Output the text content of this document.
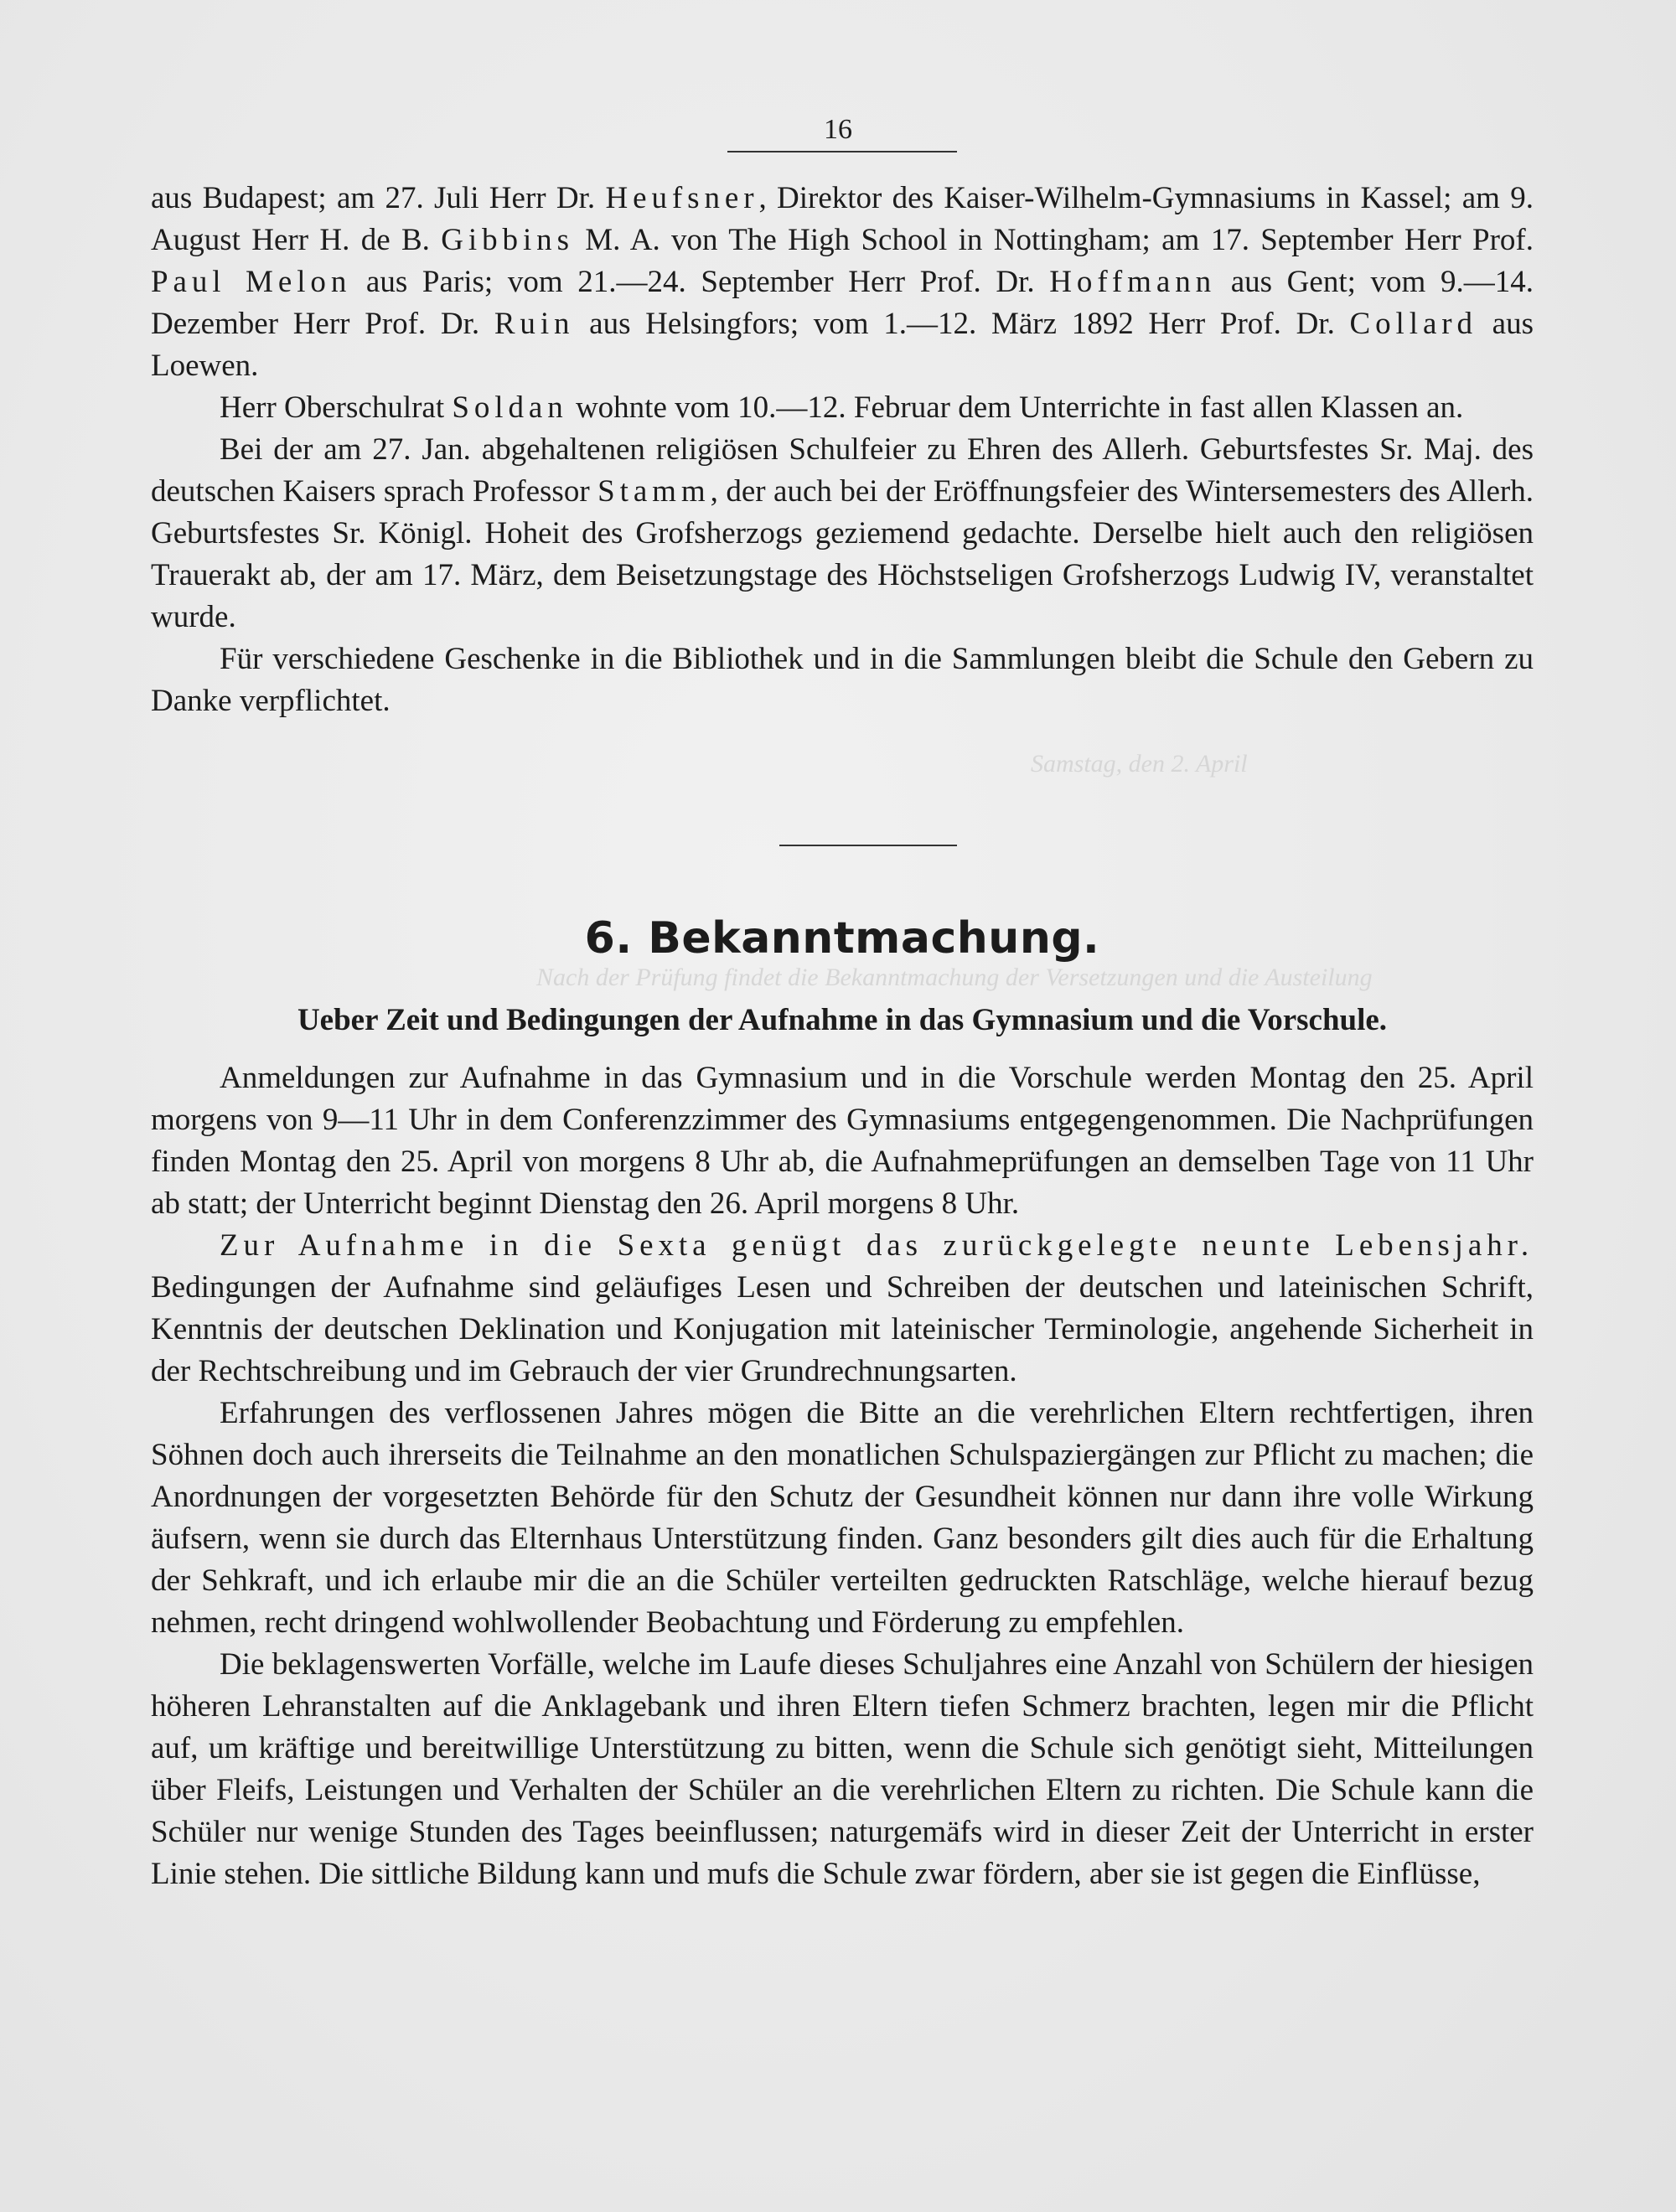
Samstag, den 2. April
Nach der Prüfung findet die Bekanntmachung der Versetzungen und die Austeilung
16

aus Budapest; am 27. Juli Herr Dr. Heufsner, Direktor des Kaiser-Wilhelm-Gymnasiums in Kassel; am 9. August Herr H. de B. Gibbins M. A. von The High School in Nottingham; am 17. September Herr Prof. Paul Melon aus Paris; vom 21.—24. September Herr Prof. Dr. Hoffmann aus Gent; vom 9.—14. Dezember Herr Prof. Dr. Ruin aus Helsingfors; vom 1.—12. März 1892 Herr Prof. Dr. Collard aus Loewen.

Herr Oberschulrat Soldan wohnte vom 10.—12. Februar dem Unterrichte in fast allen Klassen an.

Bei der am 27. Jan. abgehaltenen religiösen Schulfeier zu Ehren des Allerh. Geburtsfestes Sr. Maj. des deutschen Kaisers sprach Professor Stamm, der auch bei der Eröffnungsfeier des Wintersemesters des Allerh. Geburtsfestes Sr. Königl. Hoheit des Grofsherzogs geziemend gedachte. Derselbe hielt auch den religiösen Trauerakt ab, der am 17. März, dem Beisetzungstage des Höchstseligen Grofsherzogs Ludwig IV, veranstaltet wurde.

Für verschiedene Geschenke in die Bibliothek und in die Sammlungen bleibt die Schule den Gebern zu Danke verpflichtet.

6. Bekanntmachung.
Ueber Zeit und Bedingungen der Aufnahme in das Gymnasium und die Vorschule.

Anmeldungen zur Aufnahme in das Gymnasium und in die Vorschule werden Montag den 25. April morgens von 9—11 Uhr in dem Conferenzzimmer des Gymnasiums entgegengenommen. Die Nachprüfungen finden Montag den 25. April von morgens 8 Uhr ab, die Aufnahmeprüfungen an demselben Tage von 11 Uhr ab statt; der Unterricht beginnt Dienstag den 26. April morgens 8 Uhr.

Zur Aufnahme in die Sexta genügt das zurückgelegte neunte Lebensjahr. Bedingungen der Aufnahme sind geläufiges Lesen und Schreiben der deutschen und lateinischen Schrift, Kenntnis der deutschen Deklination und Konjugation mit lateinischer Terminologie, angehende Sicherheit in der Rechtschreibung und im Gebrauch der vier Grundrechnungsarten.

Erfahrungen des verflossenen Jahres mögen die Bitte an die verehrlichen Eltern rechtfertigen, ihren Söhnen doch auch ihrerseits die Teilnahme an den monatlichen Schulspaziergängen zur Pflicht zu machen; die Anordnungen der vorgesetzten Behörde für den Schutz der Gesundheit können nur dann ihre volle Wirkung äufsern, wenn sie durch das Elternhaus Unterstützung finden. Ganz besonders gilt dies auch für die Erhaltung der Sehkraft, und ich erlaube mir die an die Schüler verteilten gedruckten Ratschläge, welche hierauf bezug nehmen, recht dringend wohlwollender Beobachtung und Förderung zu empfehlen.

Die beklagenswerten Vorfälle, welche im Laufe dieses Schuljahres eine Anzahl von Schülern der hiesigen höheren Lehranstalten auf die Anklagebank und ihren Eltern tiefen Schmerz brachten, legen mir die Pflicht auf, um kräftige und bereitwillige Unterstützung zu bitten, wenn die Schule sich genötigt sieht, Mitteilungen über Fleifs, Leistungen und Verhalten der Schüler an die verehrlichen Eltern zu richten. Die Schule kann die Schüler nur wenige Stunden des Tages beeinflussen; naturgemäfs wird in dieser Zeit der Unterricht in erster Linie stehen. Die sittliche Bildung kann und mufs die Schule zwar fördern, aber sie ist gegen die Einflüsse,
